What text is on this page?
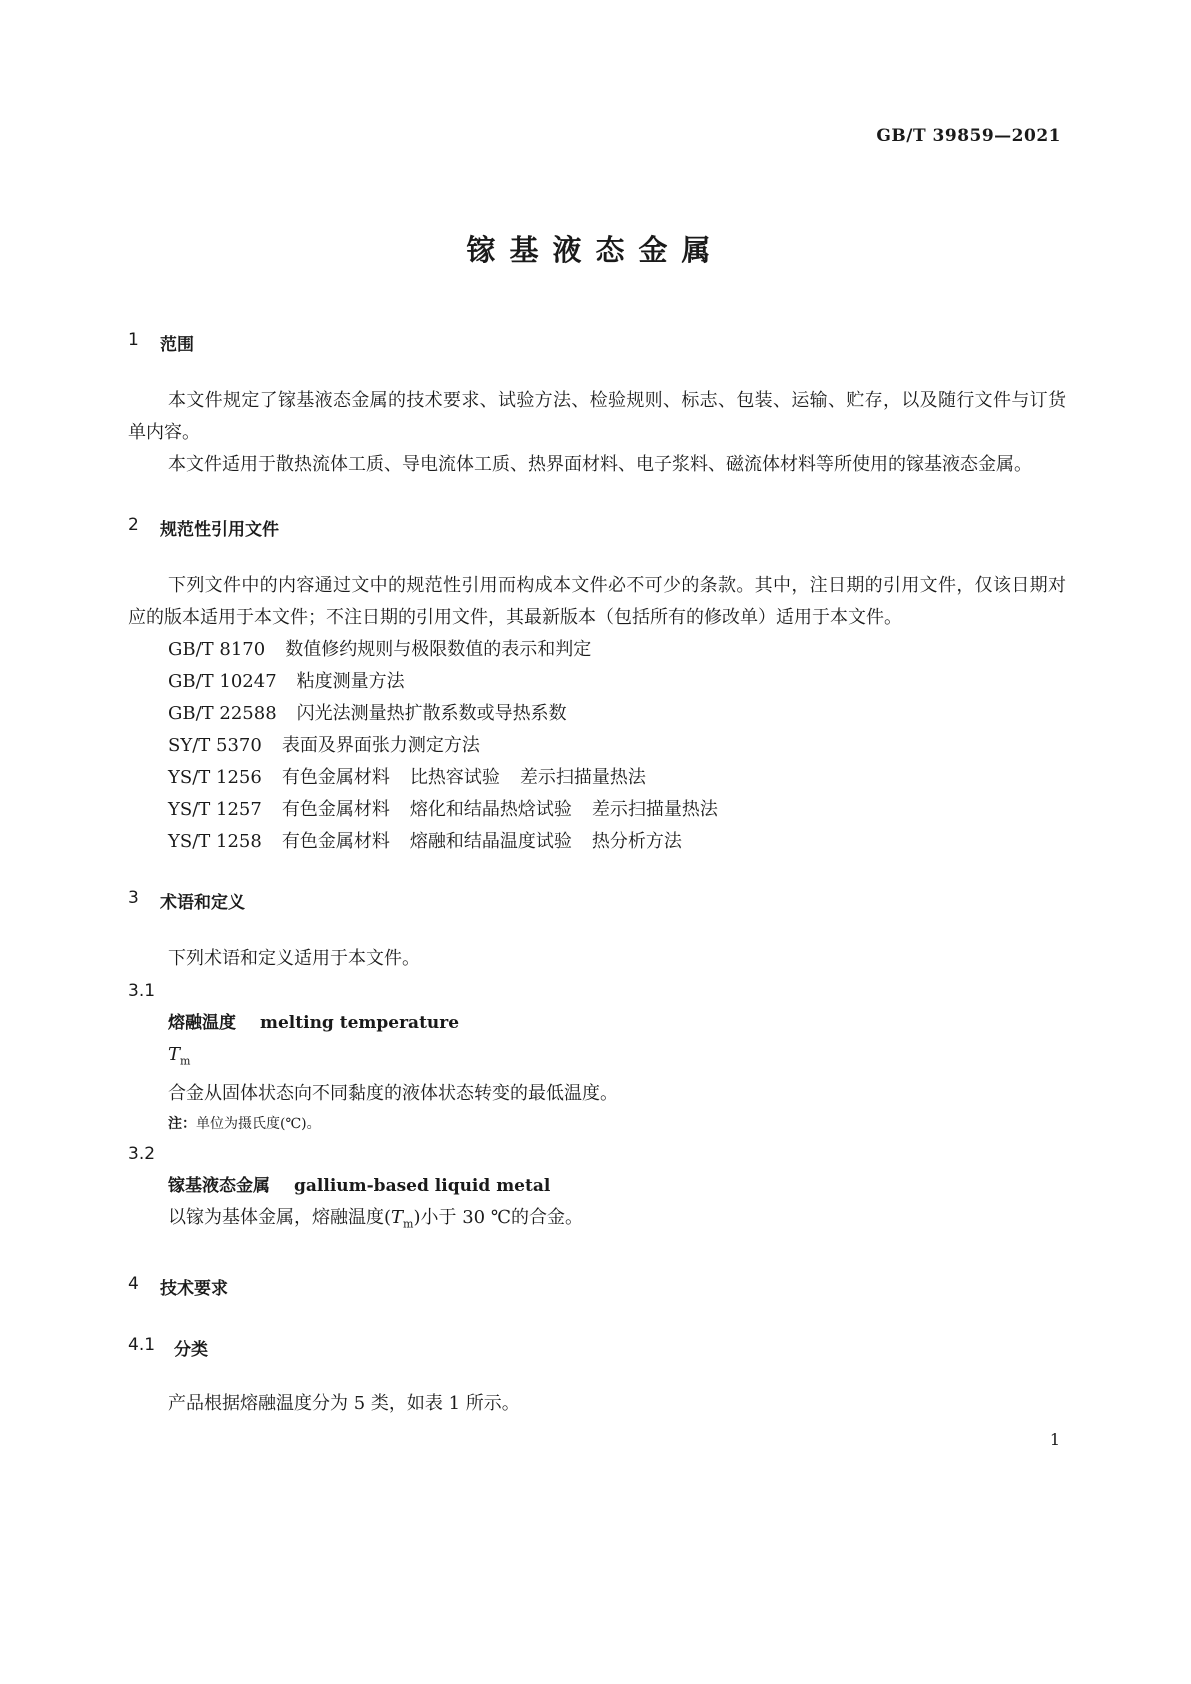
GB/T 39859—2021
镓基液态金属
1	范围

本文件规定了镓基液态金属的技术要求、试验方法、检验规则、标志、包装、运输、贮存，以及随行文件与订货单内容。

本文件适用于散热流体工质、导电流体工质、热界面材料、电子浆料、磁流体材料等所使用的镓基液态金属。

2	规范性引用文件

下列文件中的内容通过文中的规范性引用而构成本文件必不可少的条款。其中，注日期的引用文件，仅该日期对应的版本适用于本文件；不注日期的引用文件，其最新版本（包括所有的修改单）适用于本文件。

GB/T 8170 数值修约规则与极限数值的表示和判定
GB/T 10247 粘度测量方法
GB/T 22588 闪光法测量热扩散系数或导热系数
SY/T 5370 表面及界面张力测定方法
YS/T 1256 有色金属材料 比热容试验 差示扫描量热法
YS/T 1257 有色金属材料 熔化和结晶热焓试验 差示扫描量热法
YS/T 1258 有色金属材料 熔融和结晶温度试验 热分析方法
3	术语和定义

下列术语和定义适用于本文件。

3.1
熔融温度 melting temperature
$T_m$
合金从固体状态向不同黏度的液体状态转变的最低温度。
注：单位为摄氏度(℃)。
3.2
镓基液态金属 gallium-based liquid metal
以镓为基体金属，熔融温度$(T_m)$小于 30 ℃的合金。
4	技术要求
4.1	分类

产品根据熔融温度分为 5 类，如表 1 所示。

1
